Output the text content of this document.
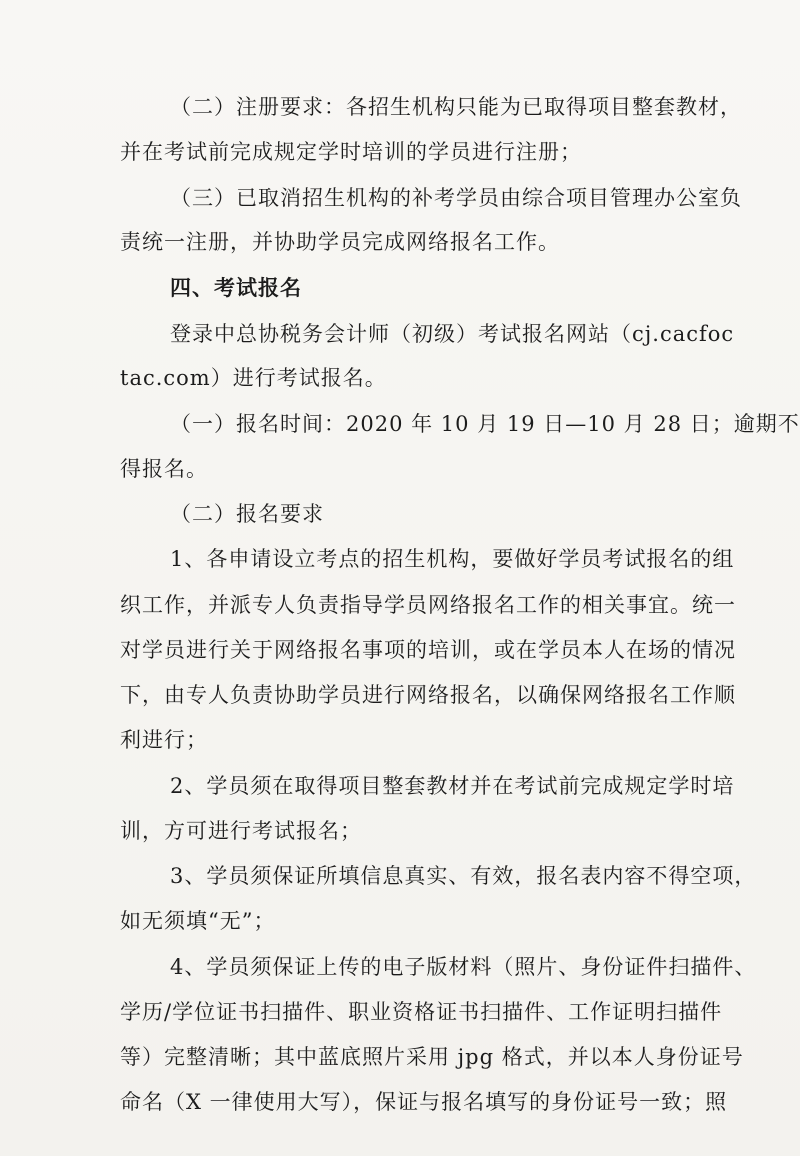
（二）注册要求：各招生机构只能为已取得项目整套教材，
并在考试前完成规定学时培训的学员进行注册；
（三）已取消招生机构的补考学员由综合项目管理办公室负
责统一注册，并协助学员完成网络报名工作。
四、考试报名
登录中总协税务会计师（初级）考试报名网站（cj.cacfoc
tac.com）进行考试报名。
（一）报名时间：2020 年 10 月 19 日—10 月 28 日；逾期不
得报名。
（二）报名要求
1、各申请设立考点的招生机构，要做好学员考试报名的组
织工作，并派专人负责指导学员网络报名工作的相关事宜。统一
对学员进行关于网络报名事项的培训，或在学员本人在场的情况
下，由专人负责协助学员进行网络报名，以确保网络报名工作顺
利进行；
2、学员须在取得项目整套教材并在考试前完成规定学时培
训，方可进行考试报名；
3、学员须保证所填信息真实、有效，报名表内容不得空项，
如无须填“无”；
4、学员须保证上传的电子版材料（照片、身份证件扫描件、
学历/学位证书扫描件、职业资格证书扫描件、工作证明扫描件
等）完整清晰；其中蓝底照片采用 jpg 格式，并以本人身份证号
命名（X 一律使用大写），保证与报名填写的身份证号一致；照
